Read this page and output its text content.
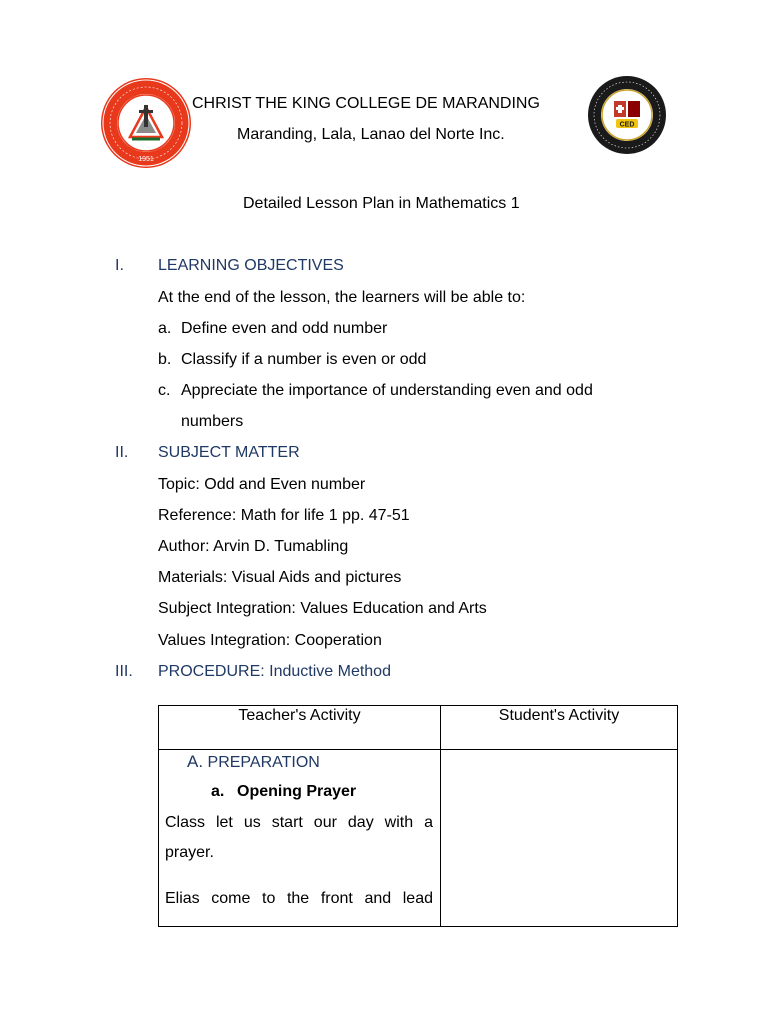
1951
CHRIST THE KING COLLEGE DE MARANDING
Maranding, Lala, Lanao del Norte Inc.
CED
Detailed Lesson Plan in Mathematics 1
I. LEARNING OBJECTIVES
At the end of the lesson, the learners will be able to:
a. Define even and odd number
b. Classify if a number is even or odd
c. Appreciate the importance of understanding even and odd
numbers
II. SUBJECT MATTER
Topic: Odd and Even number
Reference: Math for life 1 pp. 47-51
Author: Arvin D. Tumabling
Materials: Visual Aids and pictures
Subject Integration: Values Education and Arts
Values Integration: Cooperation
III. PROCEDURE: Inductive Method
Teacher's Activity	Student's Activity

A. PREPARATION
a. Opening Prayer
Class let us start our day with a
prayer.
Elias come to the front and lead	
